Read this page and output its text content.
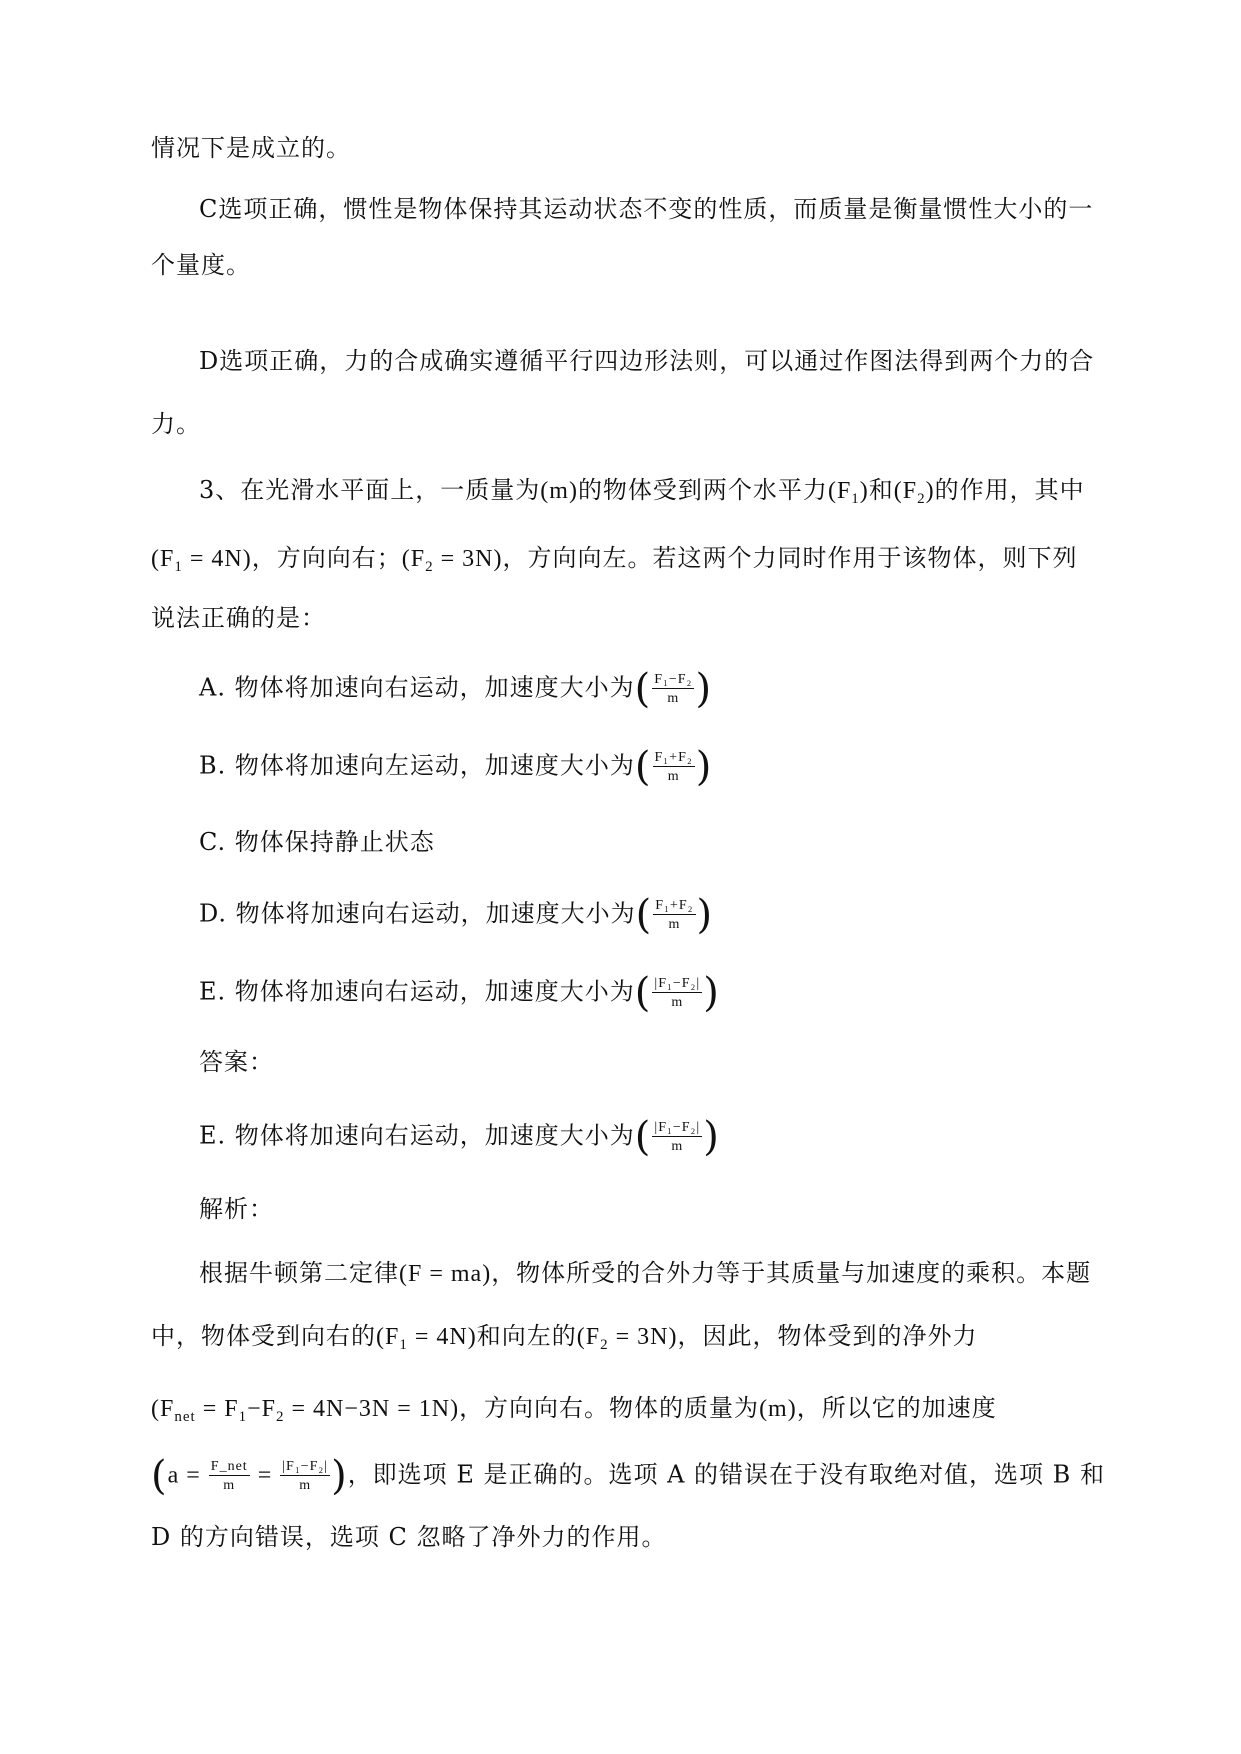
情况下是成立的。
C选项正确，惯性是物体保持其运动状态不变的性质，而质量是衡量惯性大小的一
个量度。
D选项正确，力的合成确实遵循平行四边形法则，可以通过作图法得到两个力的合
力。
3、在光滑水平面上，一质量为(m)的物体受到两个水平力$(F_1)$和$(F_2)$的作用，其中
$(F_1 = 4N)$，方向向右；$(F_2 = 3N)$，方向向左。若这两个力同时作用于该物体，则下列
说法正确的是：
A. 物体将加速向右运动，加速度大小为( $\frac{\text{F₁−F₂}}{m}$ )
B. 物体将加速向左运动，加速度大小为( $\frac{\text{F₁+F₂}}{m}$ )
C. 物体保持静止状态
D. 物体将加速向右运动，加速度大小为( $\frac{\text{F₁+F₂}}{m}$ )
E. 物体将加速向右运动，加速度大小为( $\frac{\text{|F₁−F₂|}}{m}$ )
答案：
E. 物体将加速向右运动，加速度大小为( $\frac{\text{|F₁−F₂|}}{m}$ )
解析：
根据牛顿第二定律(F = ma)，物体所受的合外力等于其质量与加速度的乘积。本题
中，物体受到向右的$(F_1 = 4N)$和向左的$(F_2 = 3N)$，因此，物体受到的净外力
$(F_{net} = F_1-F_2 = 4N-3N = 1N)$，方向向右。物体的质量为(m)，所以它的加速度
($a = \frac{\text{F\_net}}{m} = \frac{\text{|F₁−F₂|}}{m}$ )，即选项 E 是正确的。选项 A 的错误在于没有取绝对值，选项 B 和
D 的方向错误，选项 C 忽略了净外力的作用。
